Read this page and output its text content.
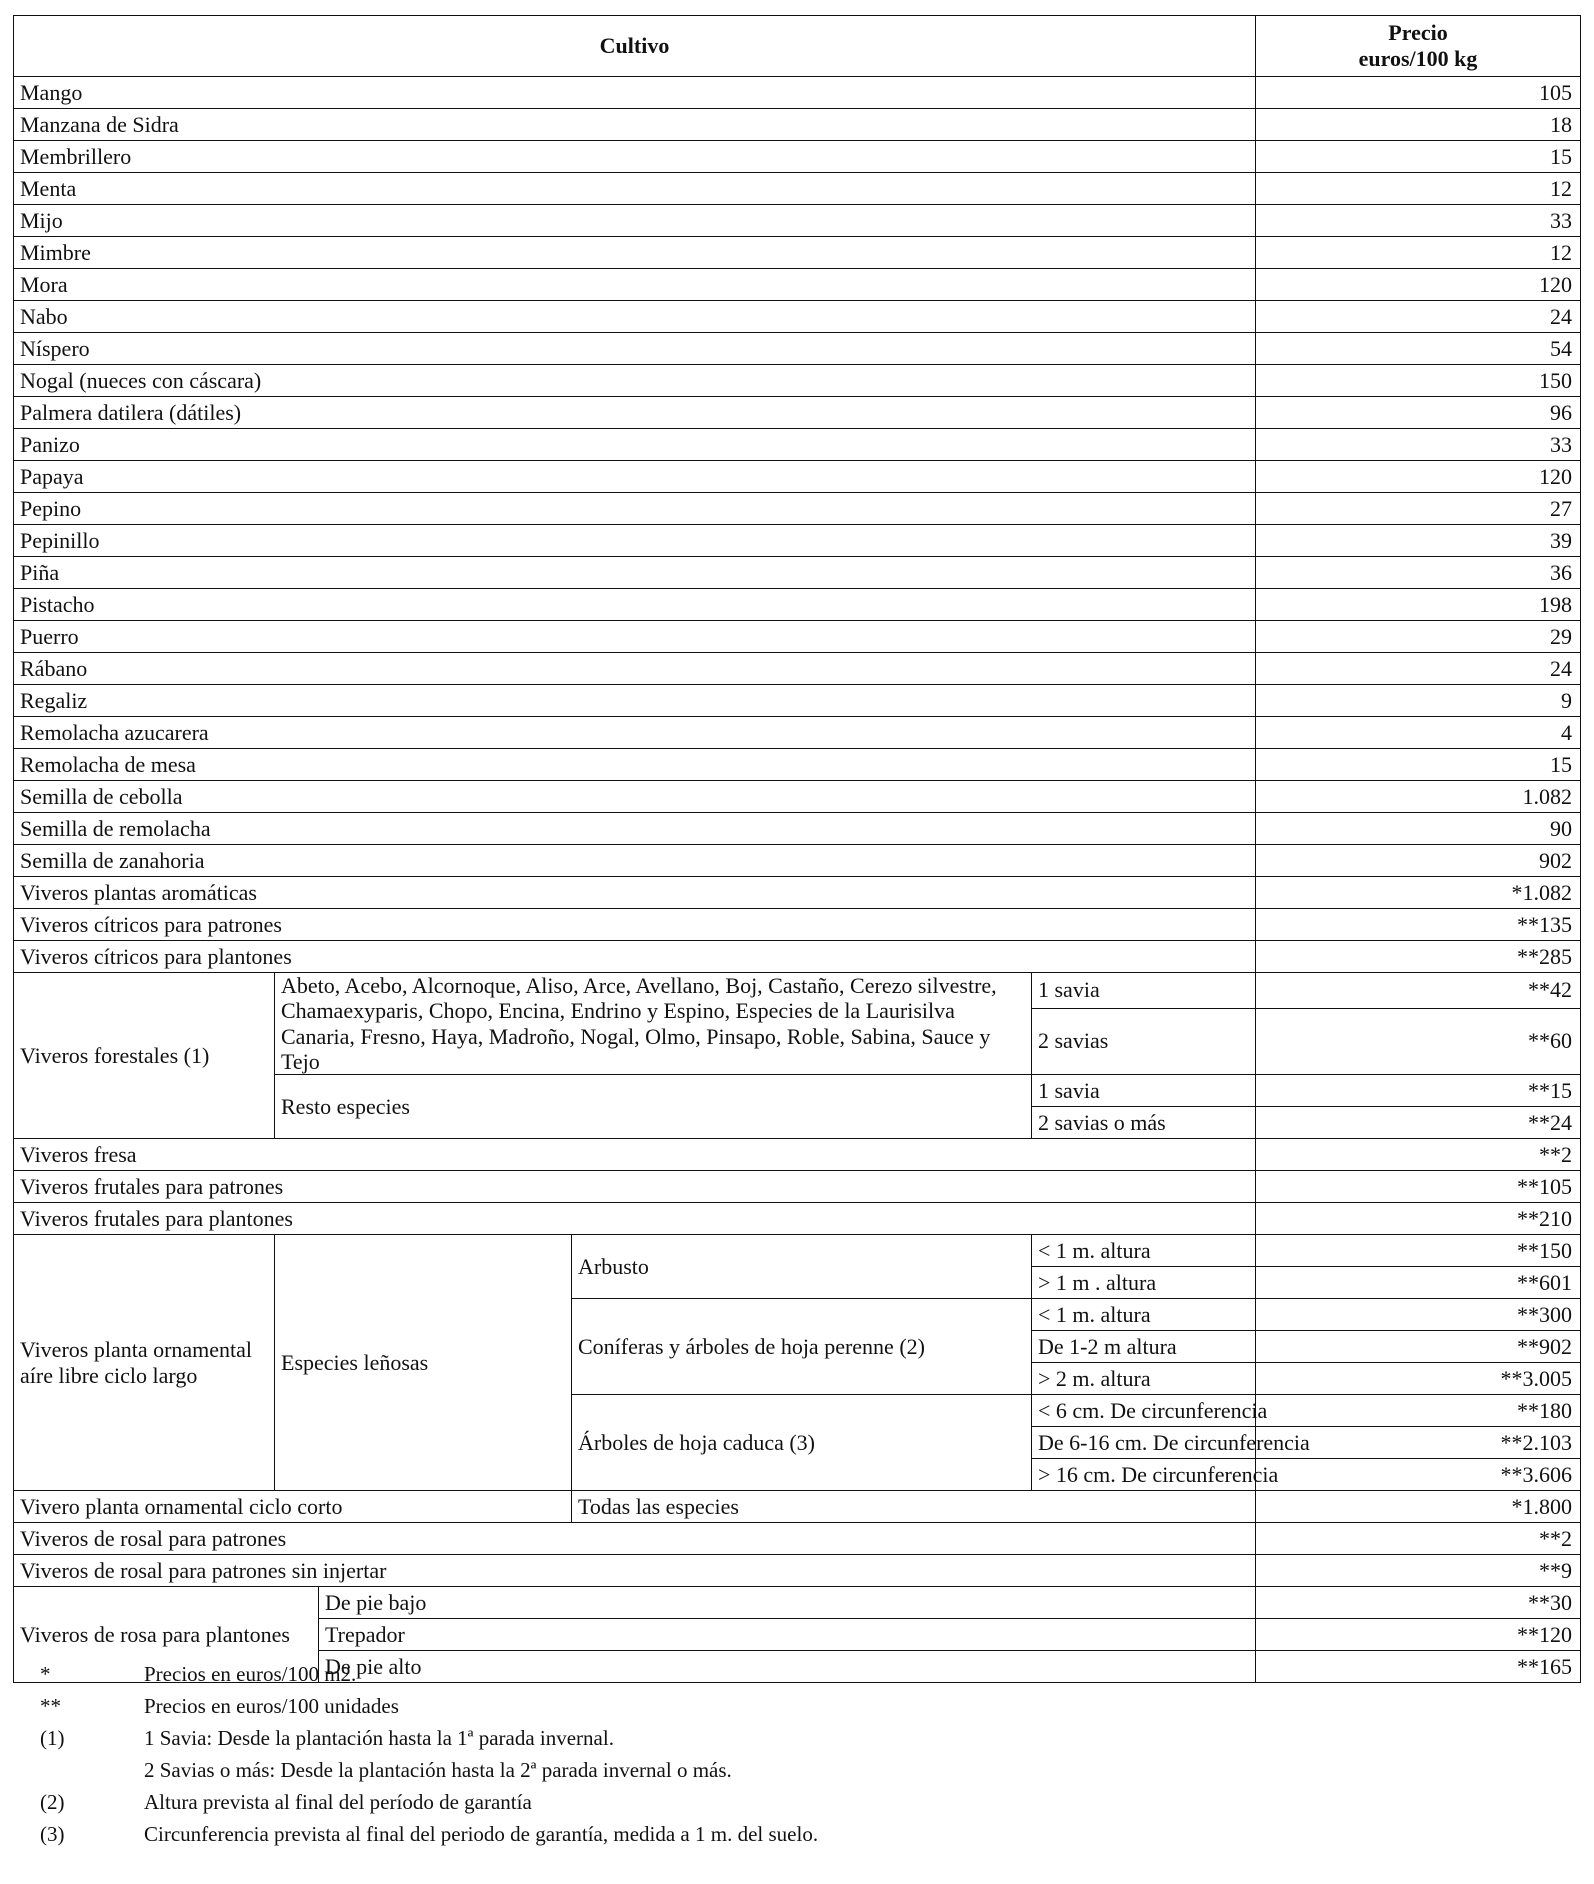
Cultivo					Precio
euros/100 kg
Mango					105
Manzana de Sidra					18
Membrillero					15
Menta					12
Mijo					33
Mimbre					12
Mora					120
Nabo					24
Níspero					54
Nogal (nueces con cáscara)					150
Palmera datilera (dátiles)					96
Panizo					33
Papaya					120
Pepino					27
Pepinillo					39
Piña					36
Pistacho					198
Puerro					29
Rábano					24
Regaliz					9
Remolacha azucarera					4
Remolacha de mesa					15
Semilla de cebolla					1.082
Semilla de remolacha					90
Semilla de zanahoria					902
Viveros plantas aromáticas					*1.082
Viveros cítricos para patrones					**135
Viveros cítricos para plantones					**285
Viveros forestales (1)	Abeto, Acebo, Alcornoque, Aliso, Arce, Avellano, Boj, Castaño, Cerezo silvestre, Chamaexyparis, Chopo, Encina, Endrino y Espino, Especies de la Laurisilva Canaria, Fresno, Haya, Madroño, Nogal, Olmo, Pinsapo, Roble, Sabina, Sauce y Tejo			1 savia	**42
				2 savias	**60
	Resto especies			1 savia	**15
				2 savias o más	**24
Viveros fresa					**2
Viveros frutales para patrones					**105
Viveros frutales para plantones					**210
Viveros planta ornamental aíre libre ciclo largo	Especies leñosas		Arbusto	< 1 m. altura	**150
				> 1 m . altura	**601
			Coníferas y árboles de hoja perenne (2)	< 1 m. altura	**300
				De 1-2 m altura	**902
				> 2 m. altura	**3.005
			Árboles de hoja caduca (3)	< 6 cm. De circunferencia	**180
				De 6-16 cm. De circunferencia	**2.103
				> 16 cm. De circunferencia	**3.606
Vivero planta ornamental ciclo corto			Todas las especies		*1.800
Viveros de rosal para patrones					**2
Viveros de rosal para patrones sin injertar					**9
Viveros de rosa para plantones		De pie bajo			**30
		Trepador			**120
		De pie alto			**165
*	Precios en euros/100 m2.
**	Precios en euros/100 unidades
(1)	1 Savia: Desde la plantación hasta la 1ª parada invernal.
2 Savias o más: Desde la plantación hasta la 2ª parada invernal o más.
(2)	Altura prevista al final del período de garantía
(3)	Circunferencia prevista al final del periodo de garantía, medida a 1 m. del suelo.
